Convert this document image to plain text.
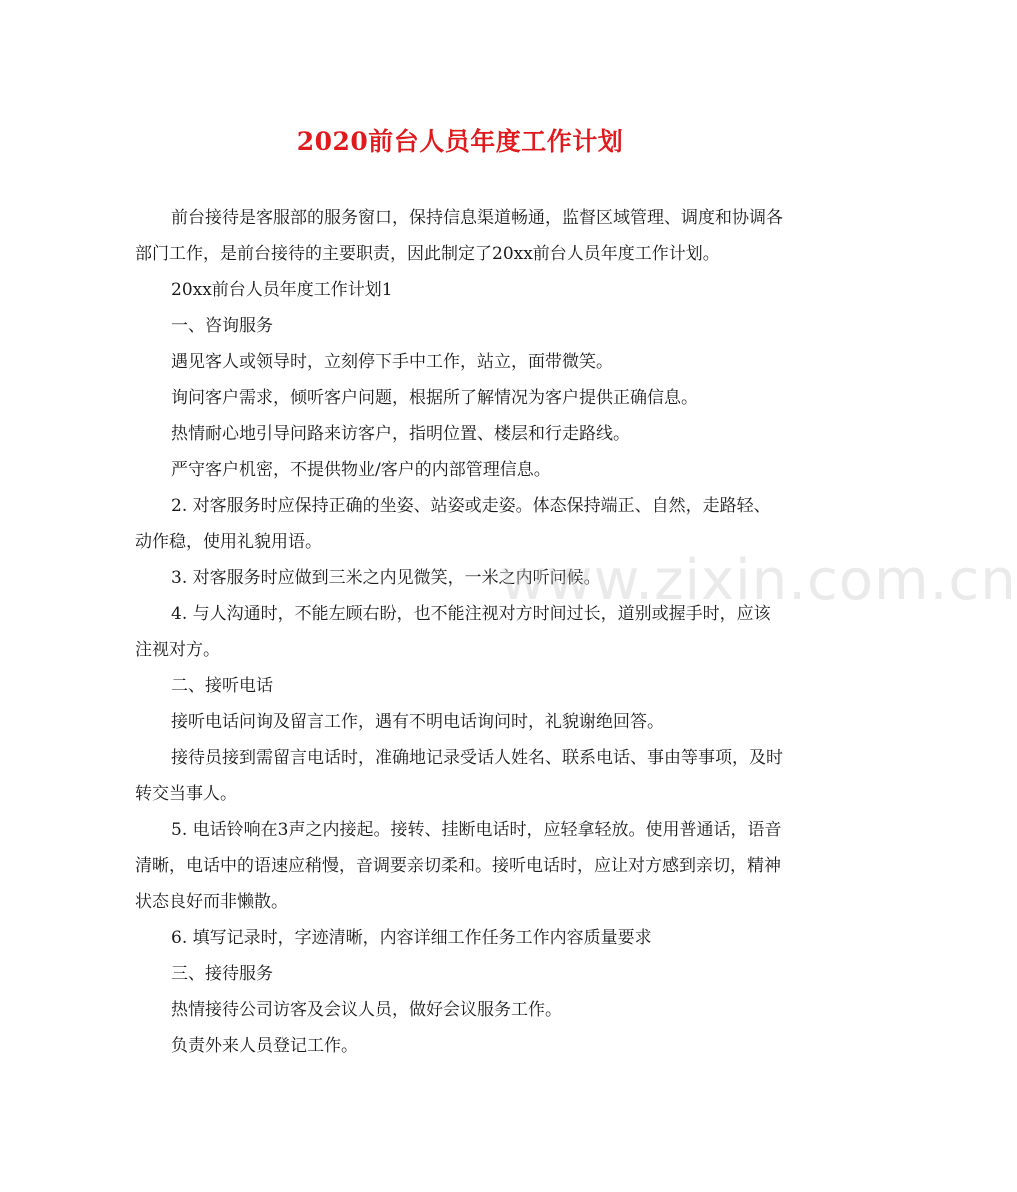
2020前台人员年度工作计划

前台接待是客服部的服务窗口，保持信息渠道畅通，监督区域管理、调度和协调各部门工作，是前台接待的主要职责，因此制定了20xx前台人员年度工作计划。

20xx前台人员年度工作计划1

一、咨询服务

遇见客人或领导时，立刻停下手中工作，站立，面带微笑。

询问客户需求，倾听客户问题，根据所了解情况为客户提供正确信息。

热情耐心地引导问路来访客户，指明位置、楼层和行走路线。

严守客户机密，不提供物业/客户的内部管理信息。

2. 对客服务时应保持正确的坐姿、站姿或走姿。体态保持端正、自然，走路轻、动作稳，使用礼貌用语。

3. 对客服务时应做到三米之内见微笑，一米之内听问候。

4. 与人沟通时，不能左顾右盼，也不能注视对方时间过长，道别或握手时，应该注视对方。

二、接听电话

接听电话问询及留言工作，遇有不明电话询问时，礼貌谢绝回答。

接待员接到需留言电话时，准确地记录受话人姓名、联系电话、事由等事项，及时转交当事人。

5. 电话铃响在3声之内接起。接转、挂断电话时，应轻拿轻放。使用普通话，语音清晰，电话中的语速应稍慢，音调要亲切柔和。接听电话时，应让对方感到亲切，精神状态良好而非懒散。

6. 填写记录时，字迹清晰，内容详细工作任务工作内容质量要求

三、接待服务

热情接待公司访客及会议人员，做好会议服务工作。

负责外来人员登记工作。

www.zixin.com.cn
